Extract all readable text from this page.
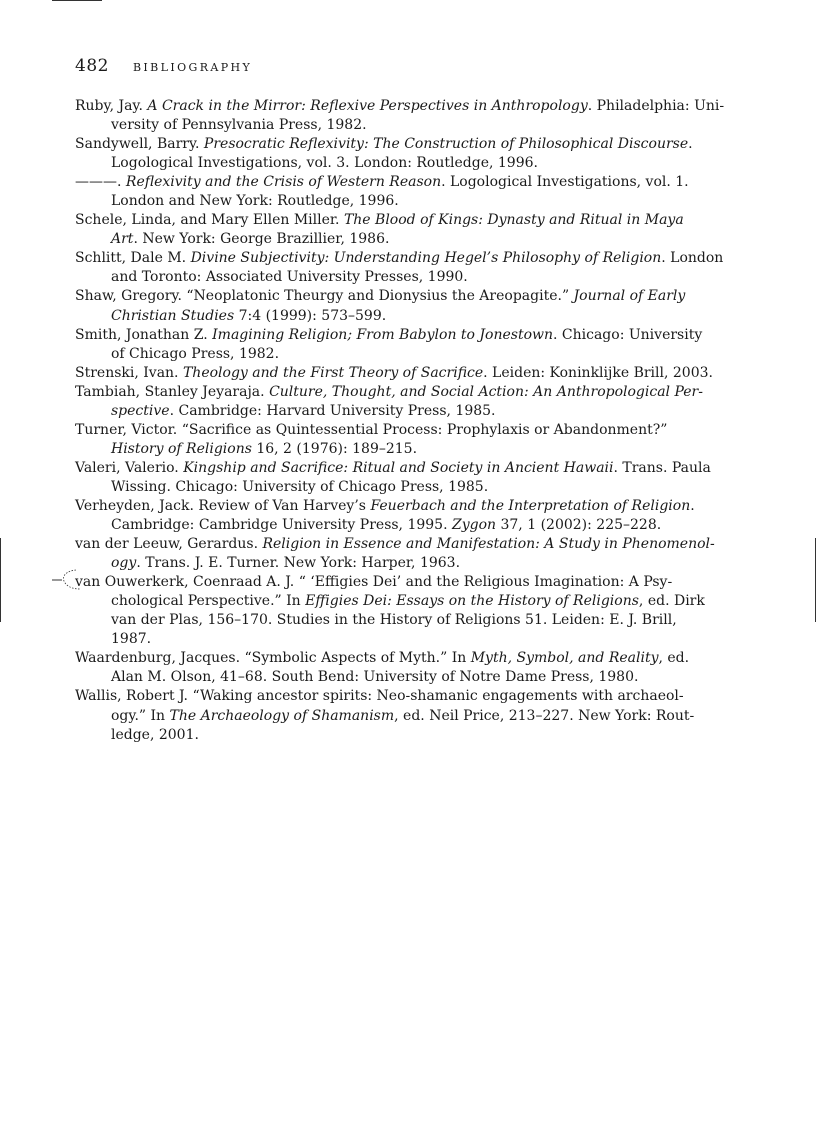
482 BIBLIOGRAPHY
Ruby, Jay. A Crack in the Mirror: Reflexive Perspectives in Anthropology. Philadelphia: Uni-
versity of Pennsylvania Press, 1982.
Sandywell, Barry. Presocratic Reflexivity: The Construction of Philosophical Discourse.
Logological Investigations, vol. 3. London: Routledge, 1996.
———. Reflexivity and the Crisis of Western Reason. Logological Investigations, vol. 1.
London and New York: Routledge, 1996.
Schele, Linda, and Mary Ellen Miller. The Blood of Kings: Dynasty and Ritual in Maya
Art. New York: George Brazillier, 1986.
Schlitt, Dale M. Divine Subjectivity: Understanding Hegel’s Philosophy of Religion. London
and Toronto: Associated University Presses, 1990.
Shaw, Gregory. “Neoplatonic Theurgy and Dionysius the Areopagite.” Journal of Early
Christian Studies 7:4 (1999): 573–599.
Smith, Jonathan Z. Imagining Religion; From Babylon to Jonestown. Chicago: University
of Chicago Press, 1982.
Strenski, Ivan. Theology and the First Theory of Sacrifice. Leiden: Koninklijke Brill, 2003.
Tambiah, Stanley Jeyaraja. Culture, Thought, and Social Action: An Anthropological Per-
spective. Cambridge: Harvard University Press, 1985.
Turner, Victor. “Sacrifice as Quintessential Process: Prophylaxis or Abandonment?”
History of Religions 16, 2 (1976): 189–215.
Valeri, Valerio. Kingship and Sacrifice: Ritual and Society in Ancient Hawaii. Trans. Paula
Wissing. Chicago: University of Chicago Press, 1985.
Verheyden, Jack. Review of Van Harvey’s Feuerbach and the Interpretation of Religion.
Cambridge: Cambridge University Press, 1995. Zygon 37, 1 (2002): 225–228.
van der Leeuw, Gerardus. Religion in Essence and Manifestation: A Study in Phenomenol-
ogy. Trans. J. E. Turner. New York: Harper, 1963.
van Ouwerkerk, Coenraad A. J. “ ‘Effigies Dei’ and the Religious Imagination: A Psy-
chological Perspective.” In Effigies Dei: Essays on the History of Religions, ed. Dirk
van der Plas, 156–170. Studies in the History of Religions 51. Leiden: E. J. Brill,
1987.
Waardenburg, Jacques. “Symbolic Aspects of Myth.” In Myth, Symbol, and Reality, ed.
Alan M. Olson, 41–68. South Bend: University of Notre Dame Press, 1980.
Wallis, Robert J. “Waking ancestor spirits: Neo-shamanic engagements with archaeol-
ogy.” In The Archaeology of Shamanism, ed. Neil Price, 213–227. New York: Rout-
ledge, 2001.
